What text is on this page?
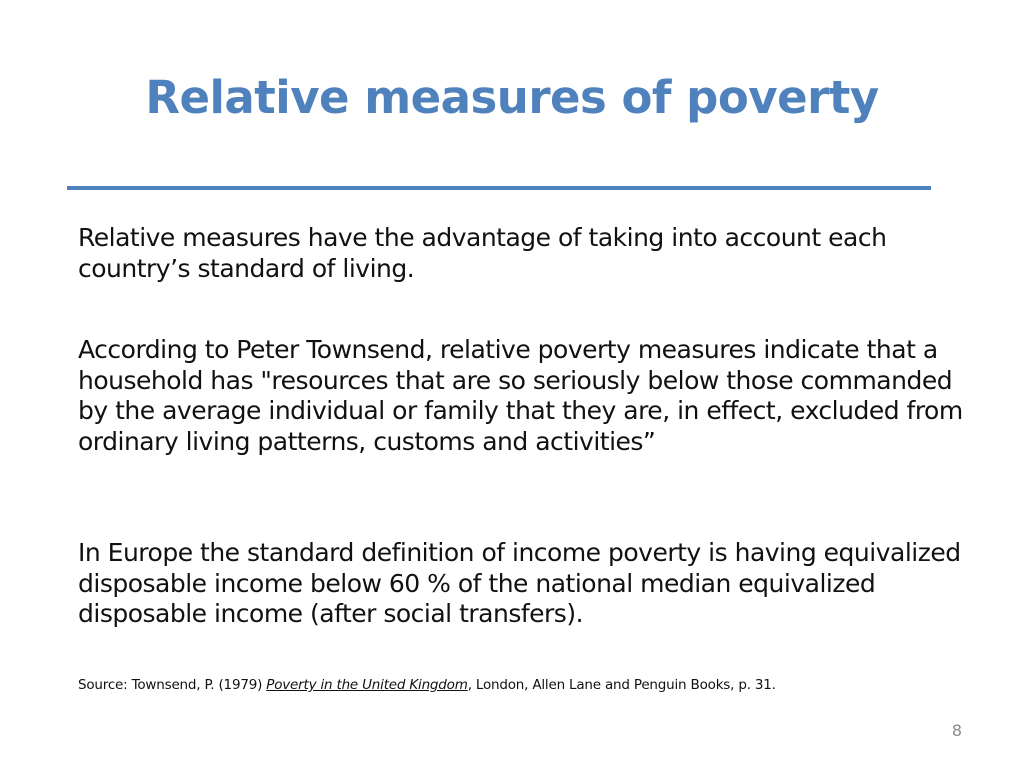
Relative measures of poverty

Relative measures have the advantage of taking into account each country’s standard of living.

According to Peter Townsend, relative poverty measures indicate that a household has "resources that are so seriously below those commanded by the average individual or family that they are, in effect, excluded from ordinary living patterns, customs and activities”

In Europe the standard definition of income poverty is having equivalized disposable income below 60 % of the national median equivalized disposable income (after social transfers).

Source: Townsend, P. (1979) Poverty in the United Kingdom, London, Allen Lane and Penguin Books, p. 31.

8
